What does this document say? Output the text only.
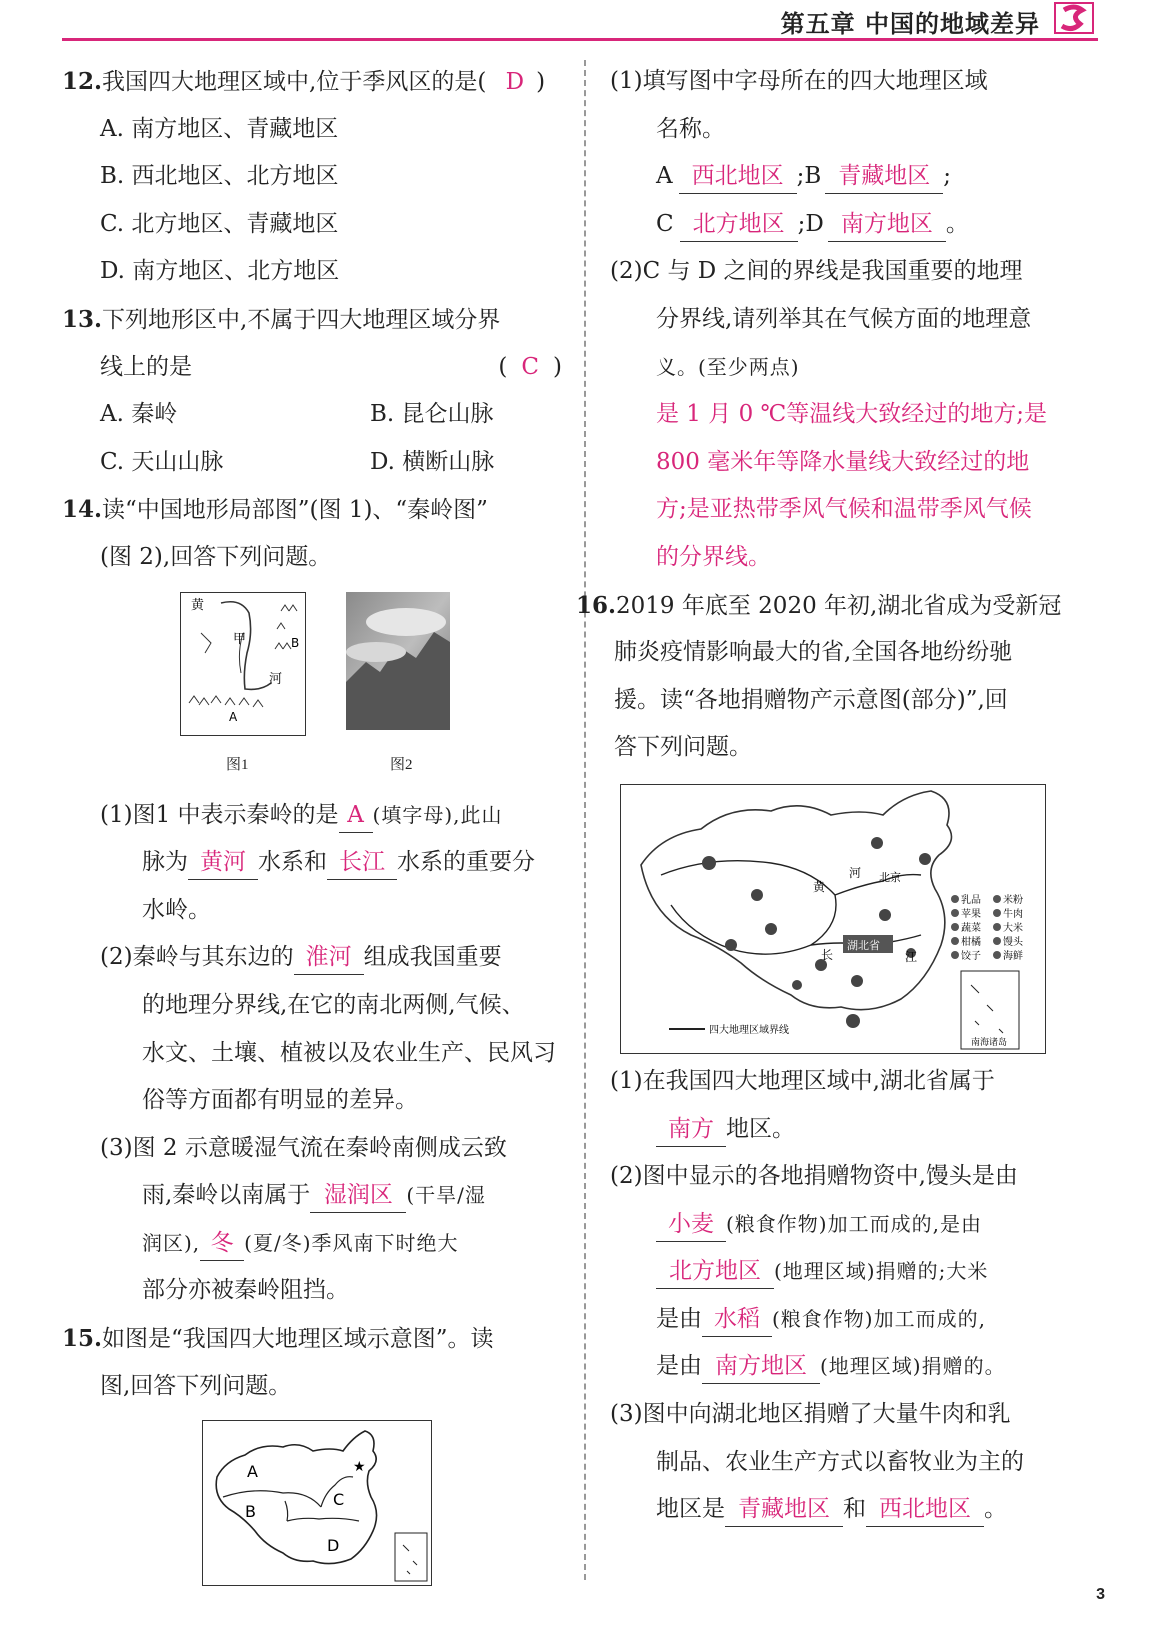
第五章 中国的地域差异
12.我国四大地理区域中,位于季风区的是( D )
A. 南方地区、青藏地区
B. 西北地区、北方地区
C. 北方地区、青藏地区
D. 南方地区、北方地区
13.下列地形区中,不属于四大地理区域分界
线上的是	( C )
A. 秦岭	B. 昆仑山脉
C. 天山山脉	D. 横断山脉
14.读“中国地形局部图”(图 1)、“秦岭图”
(图 2),回答下列问题。
黄
甲	B
河
A
图1	图2
(1)图1 中表示秦岭的是 A (填字母),此山
脉为 黄河 水系和 长江 水系的重要分
水岭。
(2)秦岭与其东边的 淮河 组成我国重要
的地理分界线,在它的南北两侧,气候、
水文、土壤、植被以及农业生产、民风习
俗等方面都有明显的差异。
(3)图 2 示意暖湿气流在秦岭南侧成云致
雨,秦岭以南属于 湿润区 (干旱/湿
润区), 冬 (夏/冬)季风南下时绝大
部分亦被秦岭阻挡。
15.如图是“我国四大地理区域示意图”。读
图,回答下列问题。
★
A
B
C
D
(1)填写图中字母所在的四大地理区域
名称。
A 西北地区 ;B 青藏地区 ;
C 北方地区 ;D 南方地区 。
(2)C 与 D 之间的界线是我国重要的地理
分界线,请列举其在气候方面的地理意
义。(至少两点)
是 1 月 0 ℃等温线大致经过的地方;是
800 毫米年等降水量线大致经过的地
方;是亚热带季风气候和温带季风气候
的分界线。
16.2019 年底至 2020 年初,湖北省成为受新冠
肺炎疫情影响最大的省,全国各地纷纷驰
援。读“各地捐赠物产示意图(部分)”,回
答下列问题。
湖北省
黄
河
长	江
北京
乳品 米粉
苹果 牛肉
蔬菜 大米
柑橘 馒头
饺子 海鲜
四大地理区域界线
南海诸岛
(1)在我国四大地理区域中,湖北省属于
南方 地区。
(2)图中显示的各地捐赠物资中,馒头是由
小麦 (粮食作物)加工而成的,是由
北方地区 (地理区域)捐赠的;大米
是由 水稻 (粮食作物)加工而成的,
是由 南方地区 (地理区域)捐赠的。
(3)图中向湖北地区捐赠了大量牛肉和乳
制品、农业生产方式以畜牧业为主的
地区是 青藏地区 和 西北地区 。
3
